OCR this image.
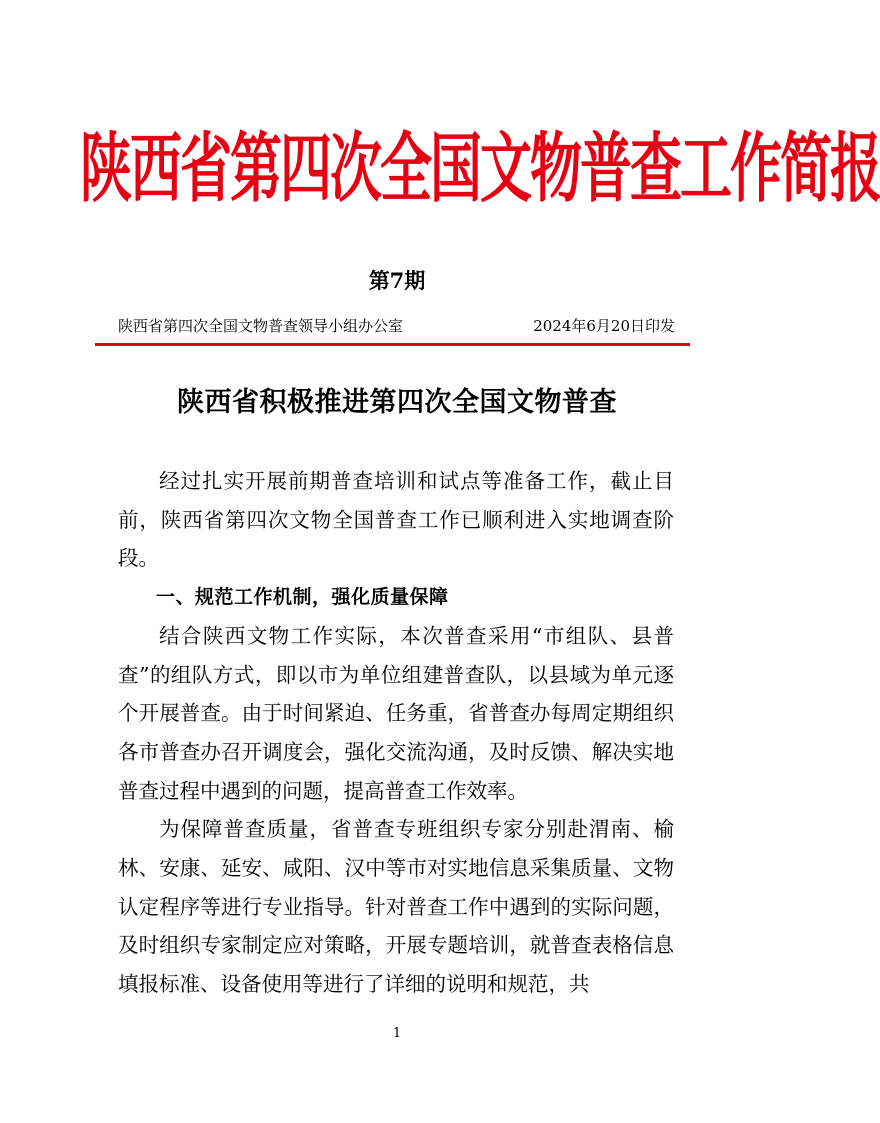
陕西省第四次全国文物普查工作简报
第7期
陕西省第四次全国文物普查领导小组办公室	2024年6月20日印发
陕西省积极推进第四次全国文物普查

经过扎实开展前期普查培训和试点等准备工作，截止目前，陕西省第四次文物全国普查工作已顺利进入实地调查阶段。

一、规范工作机制，强化质量保障

结合陕西文物工作实际，本次普查采用“市组队、县普查”的组队方式，即以市为单位组建普查队，以县域为单元逐个开展普查。由于时间紧迫、任务重，省普查办每周定期组织各市普查办召开调度会，强化交流沟通，及时反馈、解决实地普查过程中遇到的问题，提高普查工作效率。

为保障普查质量，省普查专班组织专家分别赴渭南、榆林、安康、延安、咸阳、汉中等市对实地信息采集质量、文物认定程序等进行专业指导。针对普查工作中遇到的实际问题，及时组织专家制定应对策略，开展专题培训，就普查表格信息填报标准、设备使用等进行了详细的说明和规范，共

1
